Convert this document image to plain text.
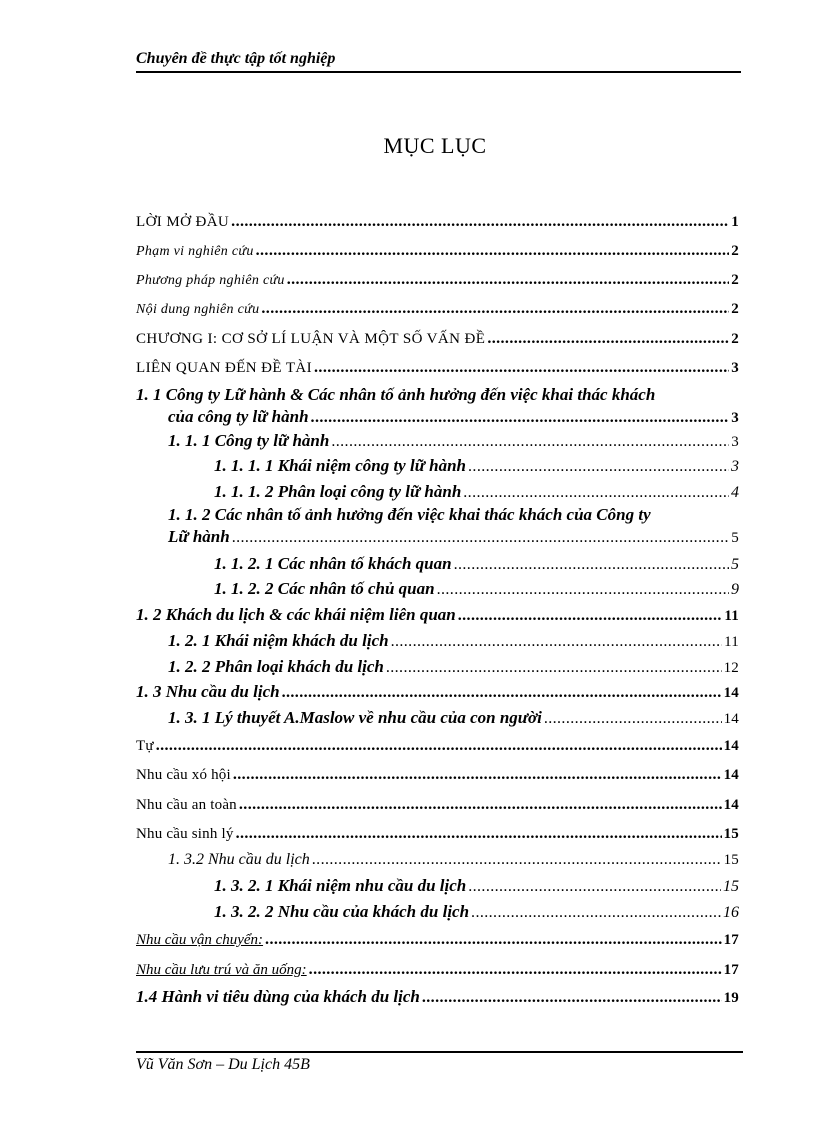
Chuyên đề thực tập tốt nghiệp
MỤC LỤC
LỜI MỞ ĐẦU .....	1
Phạm vi nghiên cứu .....	2
Phương pháp nghiên cứu .....	2
Nội dung nghiên cứu .....	2
CHƯƠNG I: CƠ SỞ LÍ LUẬN VÀ MỘT SỐ VẤN ĐỀ .....	2
LIÊN QUAN ĐẾN ĐỀ TÀI .....	3
1. 1 Công ty Lữ hành & Các nhân tố ảnh hưởng đến việc khai thác khách
của công ty lữ hành .....	3
1. 1. 1 Công ty lữ hành .....	3
1. 1. 1. 1 Khái niệm công ty lữ hành .....	3
1. 1. 1. 2 Phân loại công ty lữ hành .....	4
1. 1. 2 Các nhân tố ảnh hưởng đến việc khai thác khách của Công ty
Lữ hành .....	5
1. 1. 2. 1 Các nhân tố khách quan .....	5
1. 1. 2. 2 Các nhân tố chủ quan .....	9
1. 2 Khách du lịch & các khái niệm liên quan .....	11
1. 2. 1 Khái niệm khách du lịch .....	11
1. 2. 2 Phân loại khách du lịch .....	12
1. 3 Nhu cầu du lịch .....	14
1. 3. 1 Lý thuyết A.Maslow về nhu cầu của con người .....	14
Tự .....	14
Nhu cầu xó hội .....	14
Nhu cầu an toàn .....	14
Nhu cầu sinh lý .....	15
1. 3.2 Nhu cầu du lịch .....	15
1. 3. 2. 1 Khái niệm nhu cầu du lịch .....	15
1. 3. 2. 2 Nhu cầu của khách du lịch .....	16
Nhu cầu vận chuyển: .....	17
Nhu cầu lưu trú và ăn uống: .....	17
1.4 Hành vi tiêu dùng của khách du lịch .....	19
Vũ Văn Sơn – Du Lịch 45B
